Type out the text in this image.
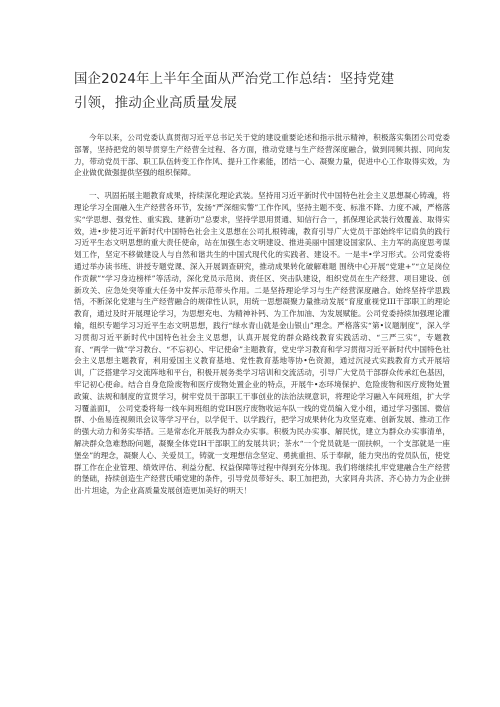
国企2024年上半年全面从严治党工作总结：坚持党建
引领，推动企业高质量发展

今年以来，公司党委认真贯彻习近平总书记关于党的建设重要论述和指示批示精神，积极落实集团公司党委部署，坚持把党的领导贯穿生产经营全过程、各方面，推动党建与生产经营深度融合，做到同频共振、同向发力，带动党员干部、职工队伍转变工作作风、提升工作素能，团结一心、凝聚力量，促进中心工作取得实效，为企业做优做强提供坚强的组织保障。

一、巩固拓展主题教育成果，持续深化理论武装。坚持用习近平新时代中国特色社会主义思想凝心铸魂，将理论学习全面融入生产经营各环节，发扬“严深细实警”工作作风，坚持主题不变、标准不降、力度不减，严格落实“学思想、强党性、重实践、建新功”总要求，坚持学思用贯通、知信行合一，抓保理论武装行效覆盖、取得实效，进•步使习近平新时代中国特色社会主义思想在公司扎根铸魂，教育引导广大党员干部始终牢记肩负的践行习近平生态文明思想的重大责任使命，站在加强生态文明建设、推进美丽中国建设国家队、主力军的高度思考谋划工作，坚定不移做建设人与自然和谐共生的中国式现代化的实践者、建设不。一是丰•学习形式。公司党委将通过举办读书班、讲授专题党课、深入开展调查研究，推动成果转化破解难题 围绕中心开展“党建+”“立足岗位作贡献”“学习身边榜样”等活动，深化党员示范岗、责任区、突击队建设，组织党员在生产经营、项目建设、创新攻关、应急处突等重大任务中发挥示范带头作用。二是坚持理论学习与生产经营深度融合。始终坚持学思践悟，不断深化党建与生产经营融合的规律性认识，用统一思想凝聚力量推动发展“育度重视党III干部职工的理论教育，通过及时开展理论学习，为思想充电、为精神补钙、为工作加油、为发展赋能。公司党委持续加强理论灌输，组织专题学习习近平生态文明思想，践行“绿水青山就是金山银山”理念。严格落实“第•议题制度”，深入学习贯彻习近平新时代中国特色社会主义思想，认真开展党的群众路线教育实践活动、“三严三实”，专题教育、“两学一做”学习教台、“不忘初心、牢记使命”主题教育，党史学习教育和学习贯彻习近平新时代中国特色社会主义思想主题教育，利用爱国主义教育基地、党性教育基地等协•色资源，通过沉浸式实践教育方式开展培训，广泛搭建学习交流阵地和平台，积极开展务类学习培训和交流活动，引导广大党员干部群众传承红色基因，牢记初心使命。结合自身危险废物和医疗废物处置企业的特点，开展牛•态环境保护、危险废物和医疗废物处置政策、法规和制度的宣贯学习，树牢党员干部职工干事创业的法治法规意识，将理论学习融入车间班组，扩大学习覆盖面I， 公司党委将每一线车间班组的党IH医疗废物收运车队一线的党员编入党小组，通过学习强国、微信群、小鱼易连视频讯会议等学习平台，以学促干、以学践行，把学习成果转化为攻坚克难、创新发展、推动工作的强大动力和务实举措。三是常态化开展我为群众办实事。积极为民办实事、解民忧，建立为群众办实事清单，解决群众急难愁盼问题，凝聚全体党IH干部职工的发展共识；茶水“一个党员就是一面扶帜，一个支部就是一座堡垒”的理念，凝聚人心、关爱员工，铸就一支理想信念坚定、勇挑重担、乐于奉献，能力突出的党员队伍，使党群工作在企业管理、绩效评估、利益分配、权益保障等过程中得到充分体现。我们将继续扎牢党建融合生产经营的堡础，持续创造生产经营氏哺党建的条件，引导党员带好头、职工加把劲，大家同舟共济、齐心协力为企业拼出·片坦途，为企业高质量发展创造更加美好的明天！
